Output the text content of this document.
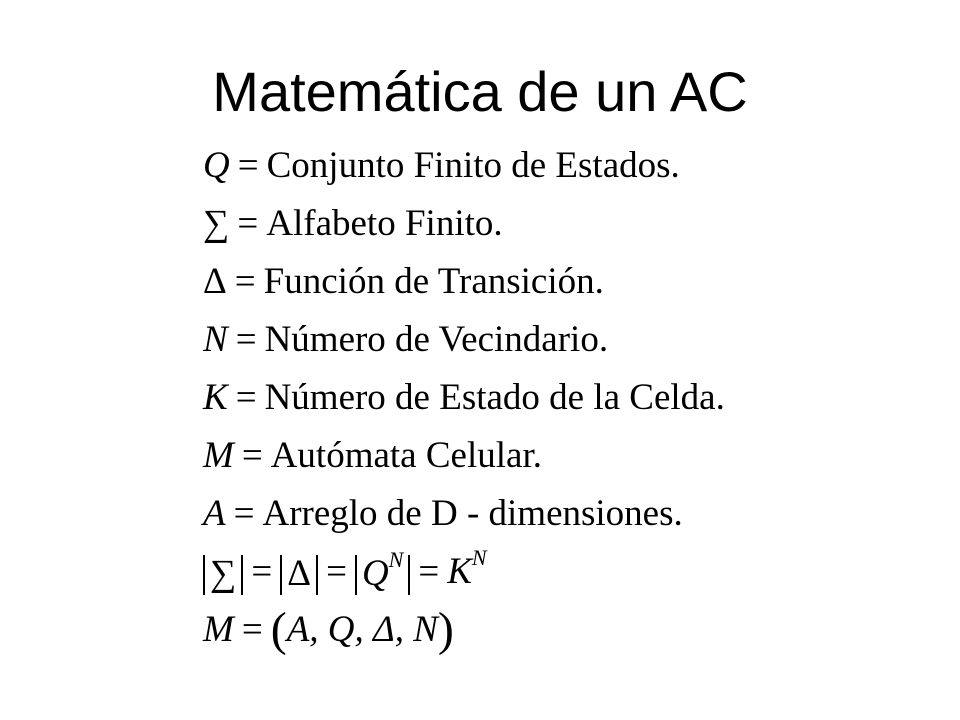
Matemática de un AC
Q = Conjunto Finito de Estados.
∑ = Alfabeto Finito.
Δ = Función de Transición.
N = Número de Vecindario.
K = Número de Estado de la Celda.
M = Autómata Celular.
A = Arreglo de D - dimensiones.
∑ = $\Delta = Q^N = K^N$
M = (A, Q, Δ, N)
